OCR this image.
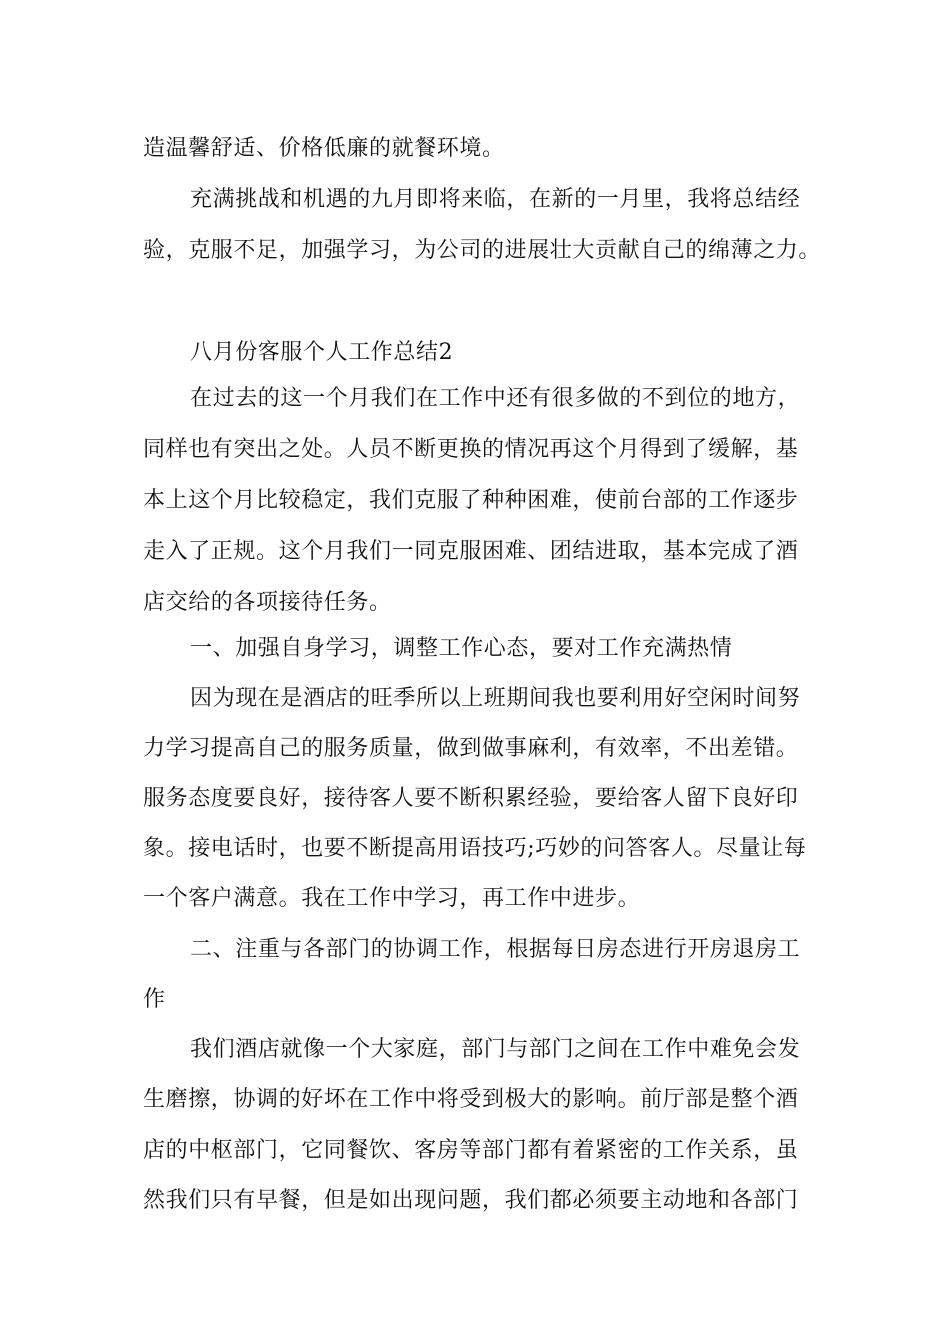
造温馨舒适、价格低廉的就餐环境。
充满挑战和机遇的九月即将来临，在新的一月里，我将总结经
验，克服不足，加强学习，为公司的进展壮大贡献自己的绵薄之力。
八月份客服个人工作总结2
在过去的这一个月我们在工作中还有很多做的不到位的地方，
同样也有突出之处。人员不断更换的情况再这个月得到了缓解，基
本上这个月比较稳定，我们克服了种种困难，使前台部的工作逐步
走入了正规。这个月我们一同克服困难、团结进取，基本完成了酒
店交给的各项接待任务。
一、加强自身学习，调整工作心态，要对工作充满热情
因为现在是酒店的旺季所以上班期间我也要利用好空闲时间努
力学习提高自己的服务质量，做到做事麻利，有效率，不出差错。
服务态度要良好，接待客人要不断积累经验，要给客人留下良好印
象。接电话时，也要不断提高用语技巧;巧妙的问答客人。尽量让每
一个客户满意。我在工作中学习，再工作中进步。
二、注重与各部门的协调工作，根据每日房态进行开房退房工
作
我们酒店就像一个大家庭，部门与部门之间在工作中难免会发
生磨擦，协调的好坏在工作中将受到极大的影响。前厅部是整个酒
店的中枢部门，它同餐饮、客房等部门都有着紧密的工作关系，虽
然我们只有早餐，但是如出现问题，我们都必须要主动地和各部门
